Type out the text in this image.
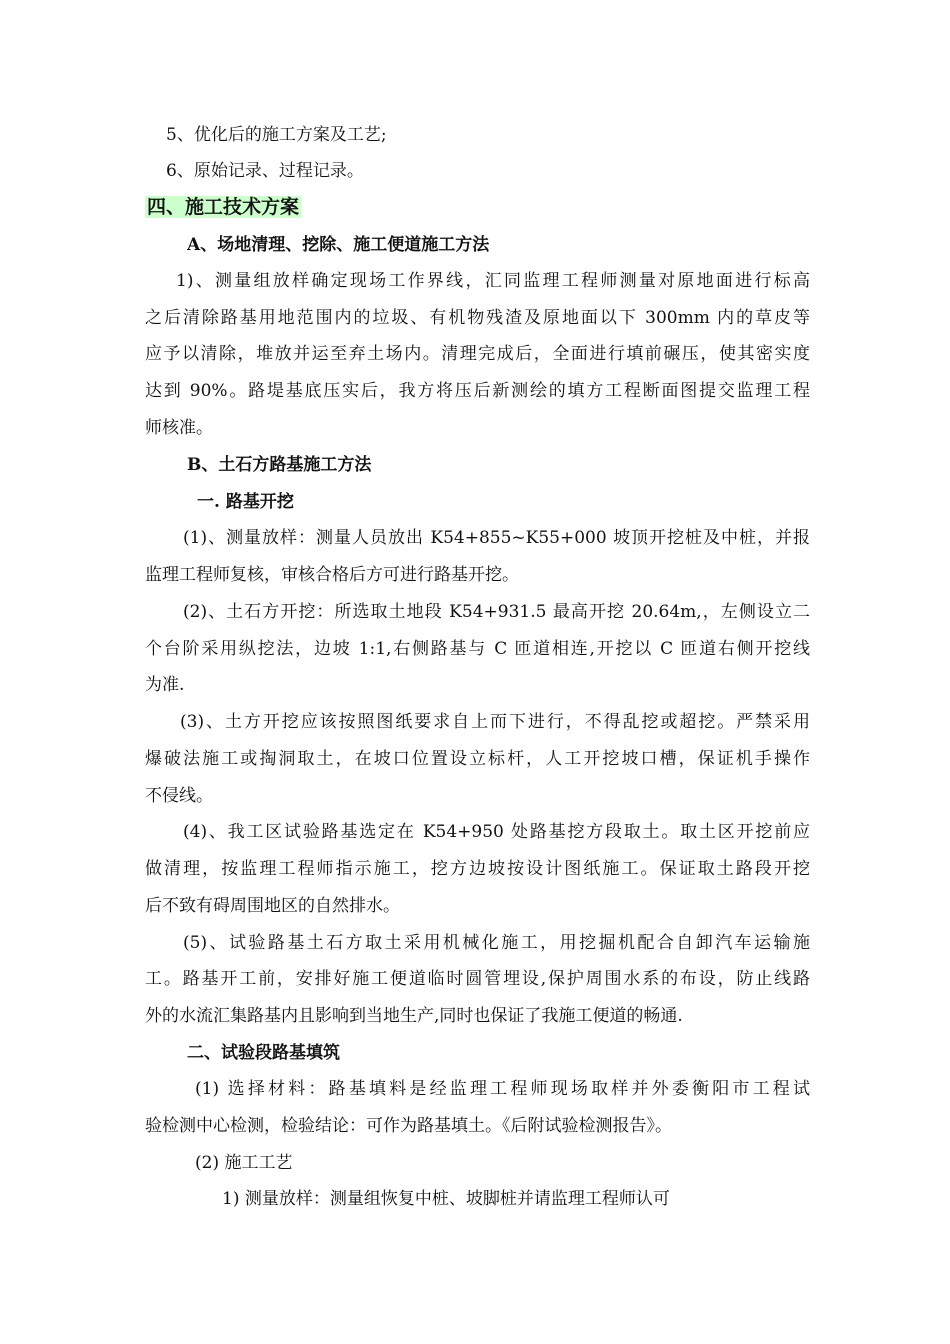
5、优化后的施工方案及工艺;
6、原始记录、过程记录。
四、施工技术方案
A、场地清理、挖除、施工便道施工方法
1)、测量组放样确定现场工作界线，汇同监理工程师测量对原地面进行标高
之后清除路基用地范围内的垃圾、有机物残渣及原地面以下 300mm 内的草皮等
应予以清除，堆放并运至弃土场内。清理完成后，全面进行填前碾压，使其密实度
达到 90%。路堤基底压实后，我方将压后新测绘的填方工程断面图提交监理工程
师核准。
B、土石方路基施工方法
一. 路基开挖
(1)、测量放样：测量人员放出 K54+855~K55+000 坡顶开挖桩及中桩，并报
监理工程师复核，审核合格后方可进行路基开挖。
(2)、土石方开挖：所选取土地段 K54+931.5 最高开挖 20.64m,，左侧设立二
个台阶采用纵挖法，边坡 1:1,右侧路基与 C 匝道相连,开挖以 C 匝道右侧开挖线
为准.
(3)、土方开挖应该按照图纸要求自上而下进行，不得乱挖或超挖。严禁采用
爆破法施工或掏洞取土，在坡口位置设立标杆，人工开挖坡口槽，保证机手操作
不侵线。
(4)、我工区试验路基选定在 K54+950 处路基挖方段取土。取土区开挖前应
做清理，按监理工程师指示施工，挖方边坡按设计图纸施工。保证取土路段开挖
后不致有碍周围地区的自然排水。
(5)、试验路基土石方取土采用机械化施工，用挖掘机配合自卸汽车运输施
工。路基开工前，安排好施工便道临时圆管埋设,保护周围水系的布设，防止线路
外的水流汇集路基内且影响到当地生产,同时也保证了我施工便道的畅通.
二、试验段路基填筑
(1) 选择材料：路基填料是经监理工程师现场取样并外委衡阳市工程试
验检测中心检测，检验结论：可作为路基填土。《后附试验检测报告》。
(2) 施工工艺
1) 测量放样：测量组恢复中桩、坡脚桩并请监理工程师认可
